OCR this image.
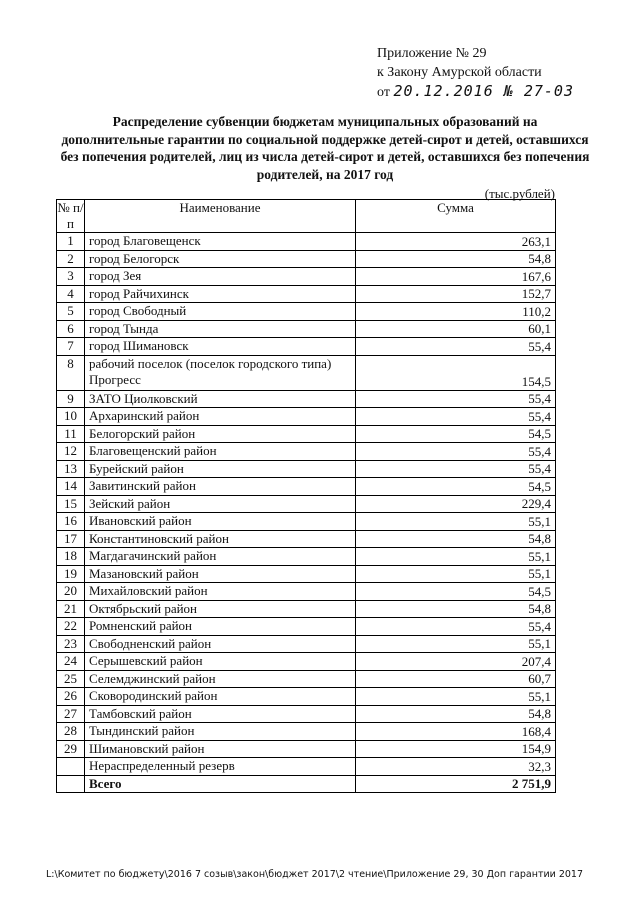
Приложение № 29
к Закону Амурской области
от 20.12.2016 № 27-03
Распределение субвенции бюджетам муниципальных образований на дополнительные гарантии по социальной поддержке детей-сирот и детей, оставшихся без попечения родителей, лиц из числа детей-сирот и детей, оставшихся без попечения родителей, на 2017 год
(тыс.рублей)
№ п/п	Наименование	Сумма
1	город Благовещенск	263,1
2	город Белогорск	54,8
3	город Зея	167,6
4	город Райчихинск	152,7
5	город Свободный	110,2
6	город Тында	60,1
7	город Шимановск	55,4
8	рабочий поселок (поселок городского типа) Прогресс	154,5
9	ЗАТО Циолковский	55,4
10	Архаринский район	55,4
11	Белогорский район	54,5
12	Благовещенский район	55,4
13	Бурейский район	55,4
14	Завитинский район	54,5
15	Зейский район	229,4
16	Ивановский район	55,1
17	Константиновский район	54,8
18	Магдагачинский район	55,1
19	Мазановский район	55,1
20	Михайловский район	54,5
21	Октябрьский район	54,8
22	Ромненский район	55,4
23	Свободненский район	55,1
24	Серышевский район	207,4
25	Селемджинский район	60,7
26	Сковородинский район	55,1
27	Тамбовский район	54,8
28	Тындинский район	168,4
29	Шимановский район	154,9
	Нераспределенный резерв	32,3
	Всего	2 751,9
L:\Комитет по бюджету\2016 7 созыв\закон\бюджет 2017\2 чтение\Приложение 29, 30 Доп гарантии 2017
